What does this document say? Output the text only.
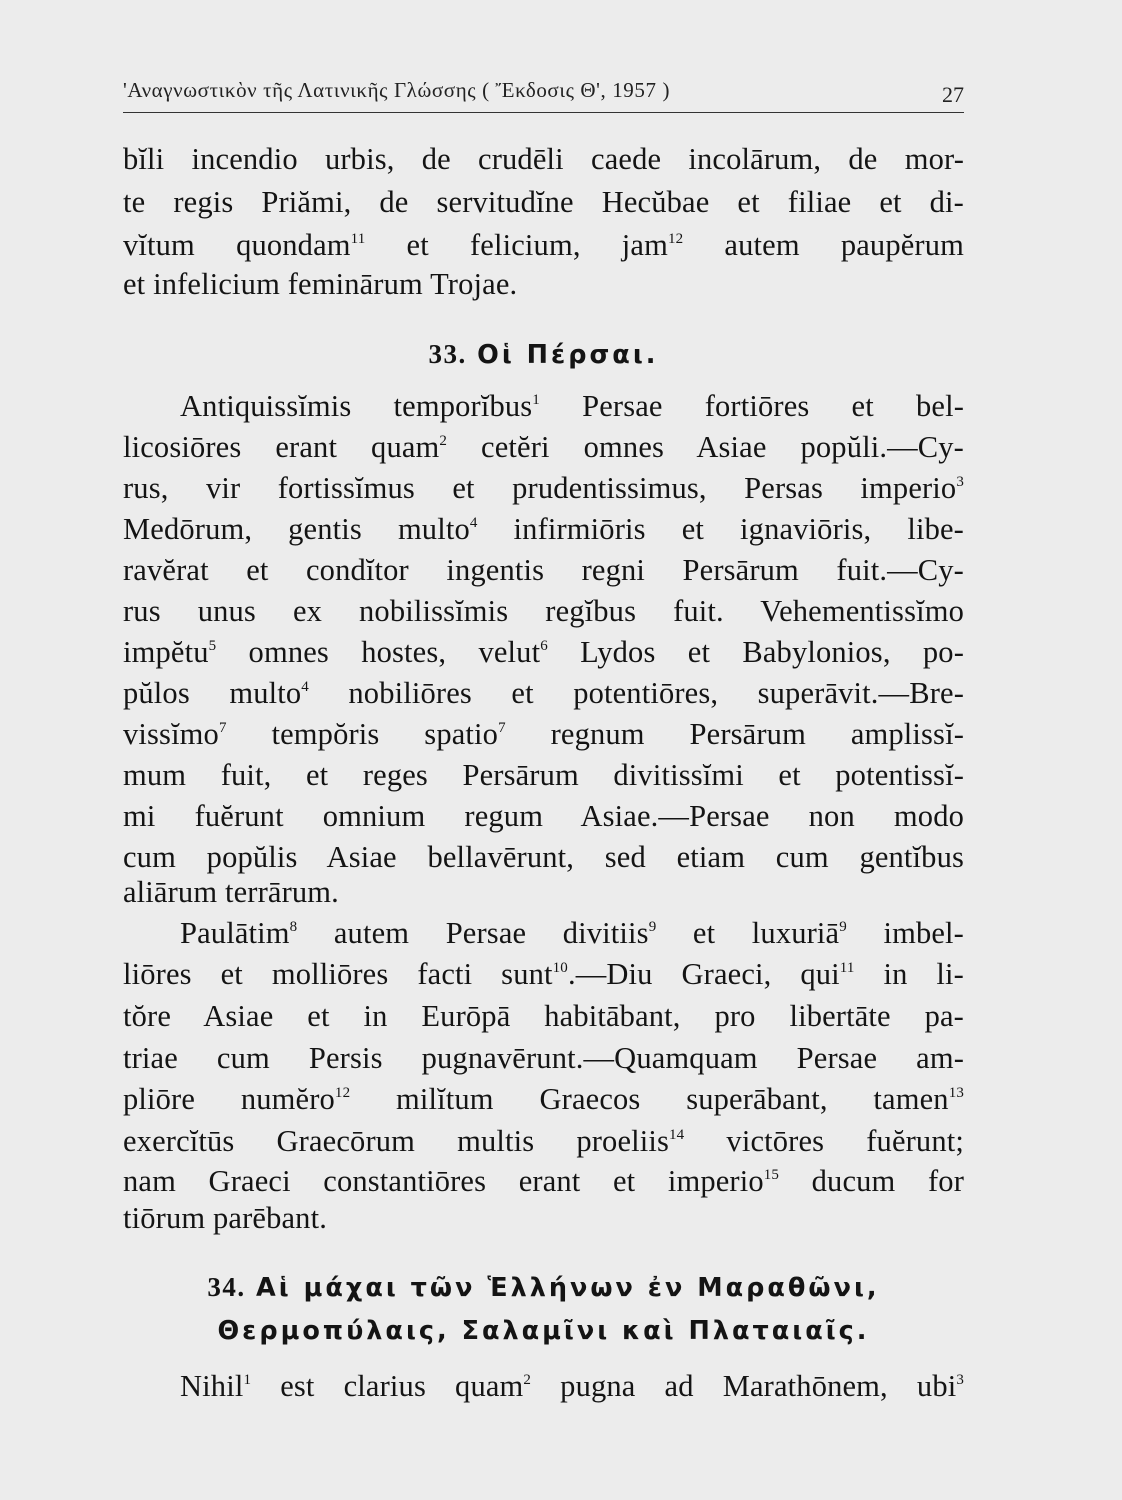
'Αναγνωστικὸν τῆς Λατινικῆς Γλώσσης ( Ἔκδοσις Θ', 1957 )	27
bĭli incendio urbis, de crudēli caede incolārum, de mor-
te regis Priămi, de servitudĭne Hecŭbae et filiae et di-
vĭtum quondam$^{11}$ et felicium, jam$^{12}$ autem paupĕrum
et infelicium feminārum Trojae.
33. Οἱ Πέρσαι.
Antiquissĭmis temporĭbus$^1$ Persae fortiōres et bel-
licosiōres erant quam$^2$ cetĕri omnes Asiae popŭli.—Cy-
rus, vir fortissĭmus et prudentissimus, Persas imperio$^3$
Medōrum, gentis multo$^4$ infirmiōris et ignaviōris, libe-
ravĕrat et condĭtor ingentis regni Persārum fuit.—Cy-
rus unus ex nobilissĭmis regĭbus fuit. Vehementissĭmo
impĕtu$^5$ omnes hostes, velut$^6$ Lydos et Babylonios, po-
pŭlos multo$^4$ nobiliōres et potentiōres, superāvit.—Bre-
vissĭmo$^7$ tempŏris spatio$^7$ regnum Persārum amplissĭ-
mum fuit, et reges Persārum divitissĭmi et potentissĭ-
mi fuĕrunt omnium regum Asiae.—Persae non modo
cum popŭlis Asiae bellavērunt, sed etiam cum gentĭbus
aliārum terrārum.
Paulātim$^8$ autem Persae divitiis$^9$ et luxuriā$^9$ imbel-
liōres et molliōres facti sunt$^{10}$.—Diu Graeci, qui$^{11}$ in li-
tŏre Asiae et in Eurōpā habitābant, pro libertāte pa-
triae cum Persis pugnavērunt.—Quamquam Persae am-
pliōre numĕro$^{12}$ milĭtum Graecos superābant, tamen$^{13}$
exercĭtūs Graecōrum multis proeliis$^{14}$ victōres fuĕrunt;
nam Graeci constantiōres erant et imperio$^{15}$ ducum for
tiōrum parēbant.
34. Αἱ μάχαι τῶν Ἑλλήνων ἐν Μαραθῶνι,
Θερμοπύλαις, Σαλαμῖνι καὶ Πλαταιαῖς.
Nihil$^1$ est clarius quam$^2$ pugna ad Marathōnem, ubi$^3$
